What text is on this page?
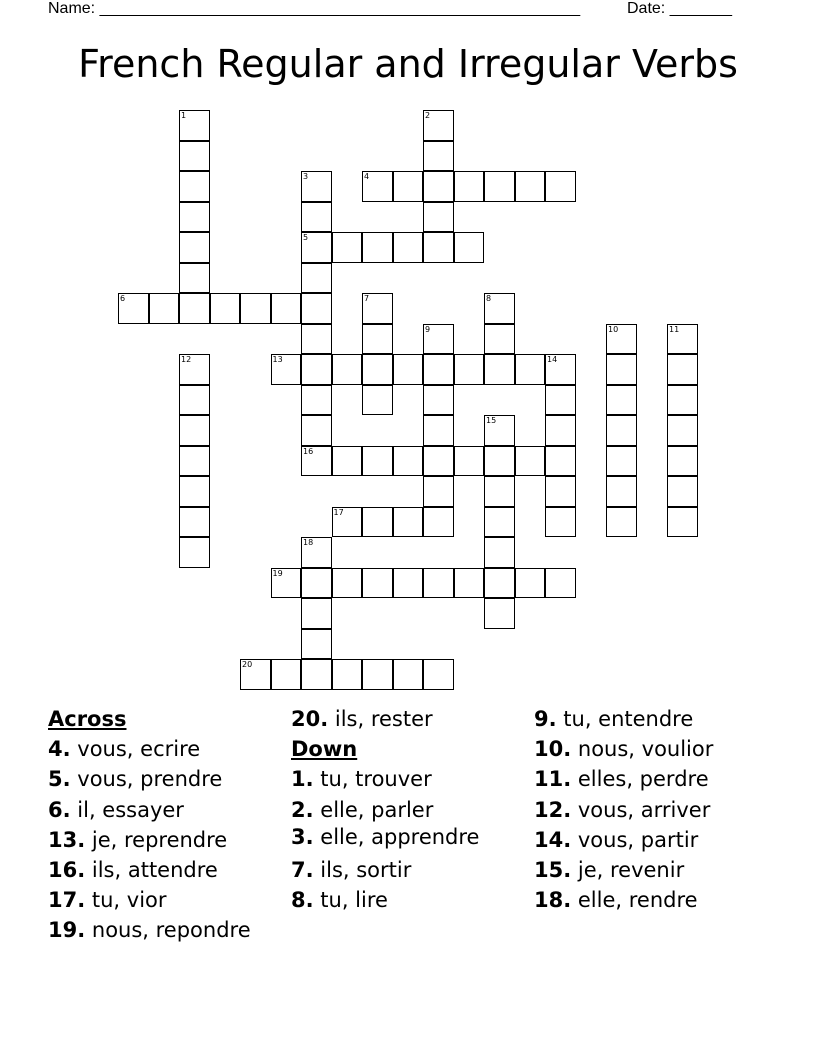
Name: ______________________________________________________	Date: _______
French Regular and Irregular Verbs
1	2
3	4
5
6	7	8
9	10	11
12	13	14
15
16
17
18
19
20
Across
4. vous, ecrire
5. vous, prendre
6. il, essayer
13. je, reprendre
16. ils, attendre
17. tu, vior
19. nous, repondre
20. ils, rester
Down
1. tu, trouver
2. elle, parler
3. elle, apprendre
7. ils, sortir
8. tu, lire
9. tu, entendre
10. nous, voulior
11. elles, perdre
12. vous, arriver
14. vous, partir
15. je, revenir
18. elle, rendre
